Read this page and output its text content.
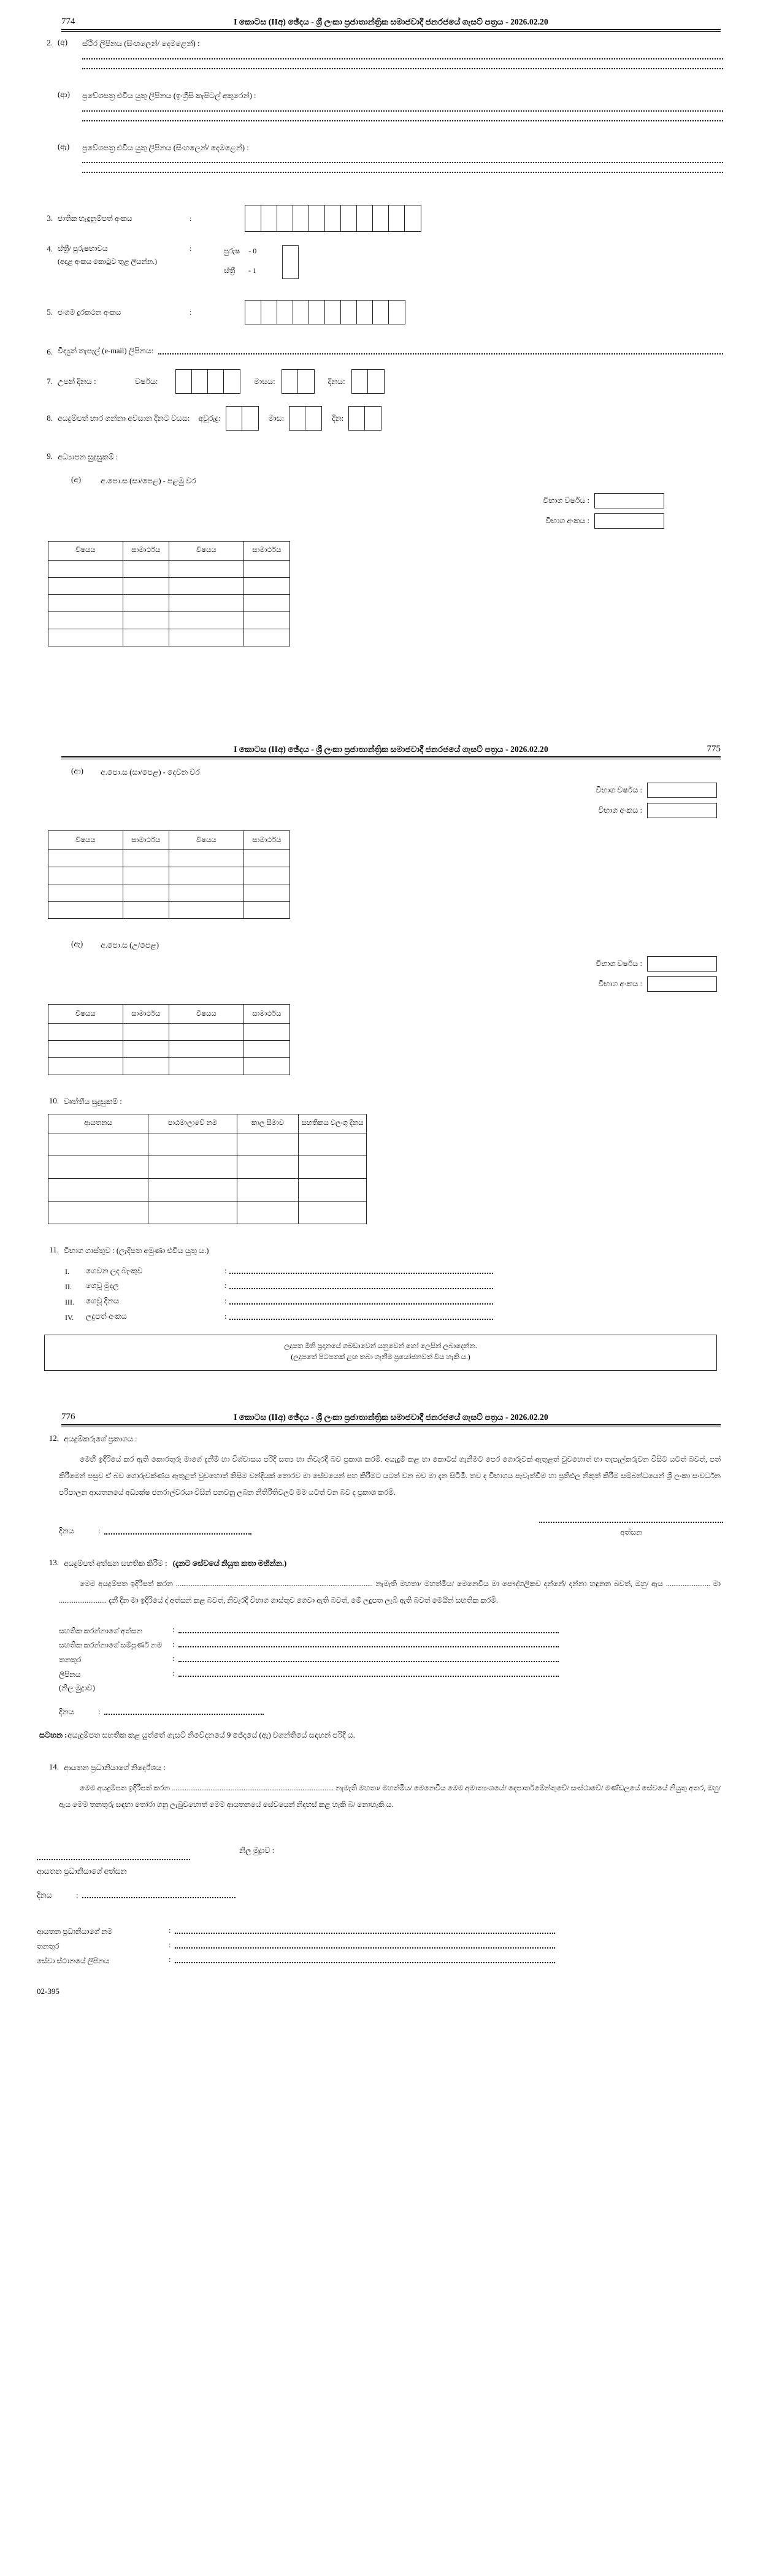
774	I කොටස (IIඅ) ඡේදය - ශ්‍රී ලංකා ප්‍රජාතාන්ත්‍රික සමාජවාදී ජනරජයේ ගැසට් පත්‍රය - 2026.02.20
2. (අ)	ස්ථීර ලිපිනය (සිංහලෙන්/ දෙමළෙන්) :
(ආ)	ප්‍රවේශපත්‍ර එවිය යුතු ලිපිනය (ඉංග්‍රීසි කැපිටල් අකුරෙන්) :
(ඇ)	ප්‍රවේශපත්‍ර එවිය යුතු ලිපිනය (සිංහලෙන්/ දෙමළෙන්) :
3. ජාතික හැඳුනුම්පත් අංකය	:
4. ස්ත්‍රී/ පුරුෂභාවය
(අදාළ අංකය කොටුව තුළ ලියන්න.)
:	පුරුෂ - 0
ස්ත්‍රී	- 1
5. ජංගම දුරකථන අංකය	:
6. විද්‍යුත් තැපැල් (e-mail) ලිපිනය:
7. උපන් දිනය :	වර්ෂය:	මාසය:	දිනය:
8. අයදුම්පත් භාර ගන්නා අවසාන දිනට වයස:	අවුරුදු:	මාස:	දින:
9. අධ්‍යාපන සුදුසුකම් :
(අ)	අ.පො.ස (සා/පෙළ) - පළමු වර
විභාග වර්ෂය :
විභාග අංකය :
විෂයය	සාමාර්ථය	විෂයය	සාමාර්ථය

I කොටස (IIඅ) ඡේදය - ශ්‍රී ලංකා ප්‍රජාතාන්ත්‍රික සමාජවාදී ජනරජයේ ගැසට් පත්‍රය - 2026.02.20	775
(ආ)	අ.පො.ස (සා/පෙළ) - දෙවන වර
විභාග වර්ෂය :
විභාග අංකය :
විෂයය	සාමාර්ථය	විෂයය	සාමාර්ථය

(ඇ)	අ.පො.ස (උ/පෙළ)
විභාග වර්ෂය :
විභාග අංකය :
විෂයය	සාමාර්ථය	විෂයය	සාමාර්ථය

10. වෘත්තීය සුදුසුකම් :
ආයතනය	පාඨමාලාවේ නම	කාල සීමාව	සහතිකය වලංගු දිනය

11. විභාග ගාස්තුව : (ලැදීපත අමුණා එවිය යුතු ය.)
I.	ගෙවන ලද බැංකුව	:
II.	ගෙවූ මුදල	:
III.	ගෙවූ දිනය	:
IV.	ලදුපත් අංකය	:
ලදුපත මිනි ප්‍රදානයේ ගබඩාවෙන් යනුවෙන් හෝ ලෙසින් ලබාදෙන්න.
(ලදුපතේ පිටපතක් ළඟ තබා ගැනීම ප්‍රයෝජනවත් විය හැකි ය.)
776	I කොටස (IIඅ) ඡේදය - ශ්‍රී ලංකා ප්‍රජාතාන්ත්‍රික සමාජවාදී ජනරජයේ ගැසට් පත්‍රය - 2026.02.20
12. අයදුම්කරුගේ ප්‍රකාශය :
මෙහි ඉදිරියේ කර ඇති කොරතුරු මාගේ දැනීම් හා විශ්වාසය පරිදි සත්‍ය හා නිවැරදි බව ප්‍රකාශ කරමි. අයැදුම් කළ හා කොටස් ගැනීමට පෙර ගොරුවක් ඇතුළත් වුවහොත් හා තැපැල්කරුවන විසිට යටත් බවත්, පත් කිරීමෙන් පසුව ඒ බව ගොරුවක්ණය ඇතුළත් වුවහොත් කිසිම වන්දියක් තොරව මා සේවයෙන් පහ කිරීමට යටත් වන බව මා දැන සිටිමී. තව ද විභාගය පැවැත්වීම හා ප්‍රතිඵල නිකුත් කිරීම සම්බන්ධයෙන් ශ්‍රී ලංකා සංවර්ධන පරිපාලන ආයතනයේ අධ්‍යක්ෂ ජනරාල්වරයා විසින් පනවනු ලබන නීතිරීතිවලට මම යටත් වන බව ද ප්‍රකාශ කරමි.
දිනය	:	අත්සන
13. අයදුම්පත් අත්සන සහතික කිරීම : (දැනට සේවයේ නියුත කතා මහින්න.)
මෙම අයදුම්පත ඉදිරිපත් කරන ........................................................................................................... නැමැති මහතා/ මහත්මිය/ මෙනෙවිය මා පෞද්ගලිකව දන්නේ/ දන්නා හඳුනන බවත්, ඔහු/ ඇය ........................ මා .......................... දැනී දින මා ඉදිරියේ ද් අත්සන් කළ බවත්, නිවැරදි විභාග ගාස්තුව ගෙවා ඇති බවත්, මේ ලදුපත ලැබී ඇති බවත් මෙයින් සහතික කරමි.
සහතික කරන්නාගේ අත්සන	:
සහතික කරන්නාගේ සම්පූර්ණ නම	:
තනතුර	:
ලිපිනය	:
(නිල මුද්‍රාව)
දිනය	:
සටහන : අයැදුම්පත සහතික කළ යුත්තේ ගැසට් නිවේදනයේ 9 ජේදයේ (ඇ) වගන්තියේ සඳහන් පරිදි ය.
14. ආයතන ප්‍රධානියාගේ නිර්දේශය :
මෙම අයදුම්පත ඉදිරිපත් කරන ........................................................................................ නැමැති මහතා/ මහත්මිය/ මෙනෙවිය මෙම අමාත්‍යංශයේ/ දෙපාර්තමේන්තුවේ/ සංස්ථාවේ/ මණ්ඩලයේ සේවයේ නියුතු අතර, ඔහු/ ඇය මෙම තනතුරු සඳහා තෝරා ගනු ලැබුවහොත් මෙම ආයතනයේ සේවයෙන් නිදහස් කළ හැකි බ/ නොහැකි ය.
ආයතන ප්‍රධානියාගේ අත්සන
නිල මුද්‍රාව :
දිනය	:
ආයතන ප්‍රධානියාගේ නම	:
තනතුර	:
සේවා ස්ථානයේ ලිපිනය	:
02-395
